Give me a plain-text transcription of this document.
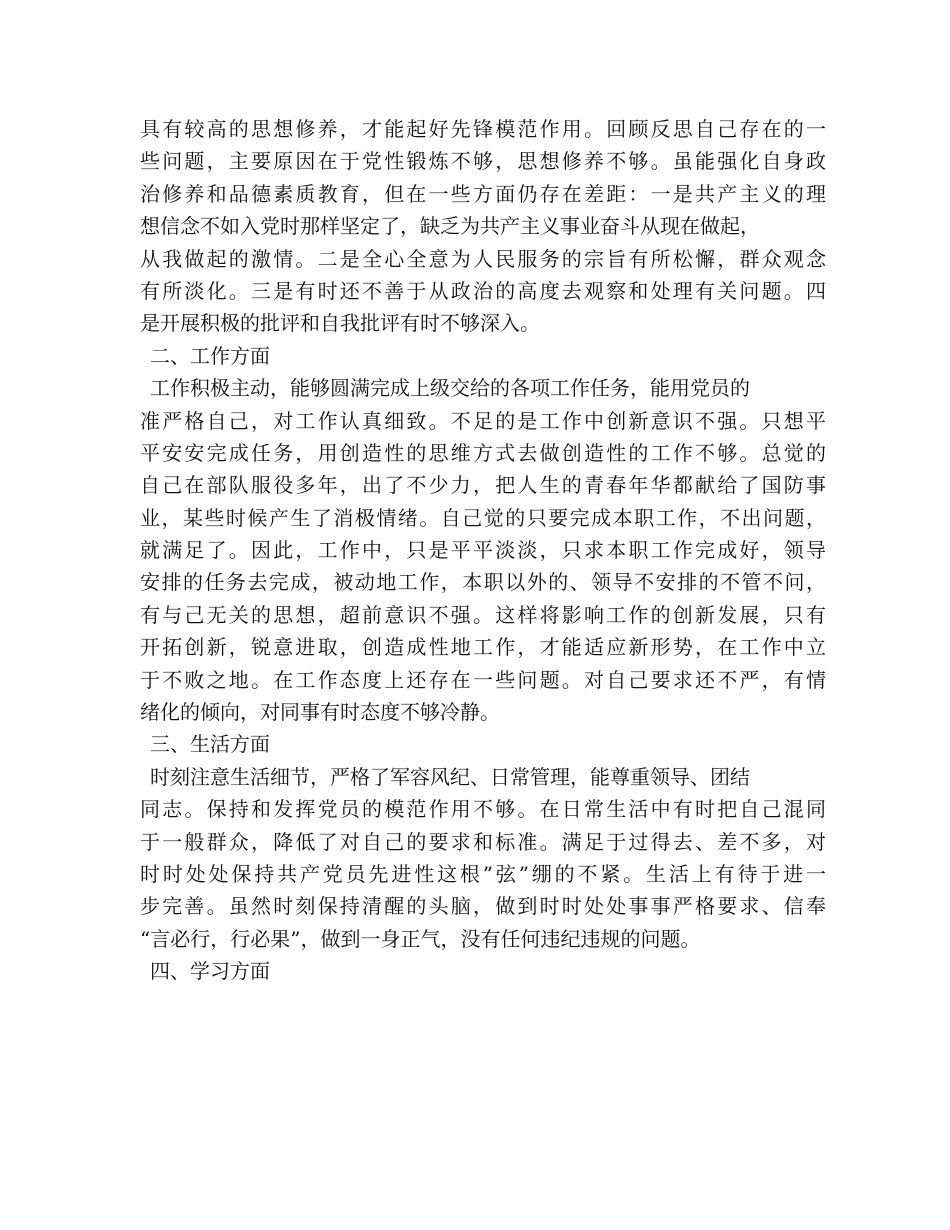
具有较高的思想修养，才能起好先锋模范作用。回顾反思自己存在的一
些问题，主要原因在于党性锻炼不够，思想修养不够。虽能强化自身政
治修养和品德素质教育，但在一些方面仍存在差距：一是共产主义的理
想信念不如入党时那样坚定了，缺乏为共产主义事业奋斗从现在做起，
从我做起的激情。二是全心全意为人民服务的宗旨有所松懈，群众观念
有所淡化。三是有时还不善于从政治的高度去观察和处理有关问题。四
是开展积极的批评和自我批评有时不够深入。
二、工作方面
工作积极主动，能够圆满完成上级交给的各项工作任务，能用党员的
准严格自己，对工作认真细致。不足的是工作中创新意识不强。只想平
平安安完成任务，用创造性的思维方式去做创造性的工作不够。总觉的
自己在部队服役多年，出了不少力，把人生的青春年华都献给了国防事
业，某些时候产生了消极情绪。自己觉的只要完成本职工作，不出问题，
就满足了。因此，工作中，只是平平淡淡，只求本职工作完成好，领导
安排的任务去完成，被动地工作，本职以外的、领导不安排的不管不问，
有与己无关的思想，超前意识不强。这样将影响工作的创新发展，只有
开拓创新，锐意进取，创造成性地工作，才能适应新形势，在工作中立
于不败之地。在工作态度上还存在一些问题。对自己要求还不严，有情
绪化的倾向，对同事有时态度不够冷静。
三、生活方面
时刻注意生活细节，严格了军容风纪、日常管理，能尊重领导、团结
同志。保持和发挥党员的模范作用不够。在日常生活中有时把自己混同
于一般群众，降低了对自己的要求和标准。满足于过得去、差不多，对
时时处处保持共产党员先进性这根”弦”绷的不紧。生活上有待于进一
步完善。虽然时刻保持清醒的头脑，做到时时处处事事严格要求、信奉
“言必行，行必果”，做到一身正气，没有任何违纪违规的问题。
四、学习方面
